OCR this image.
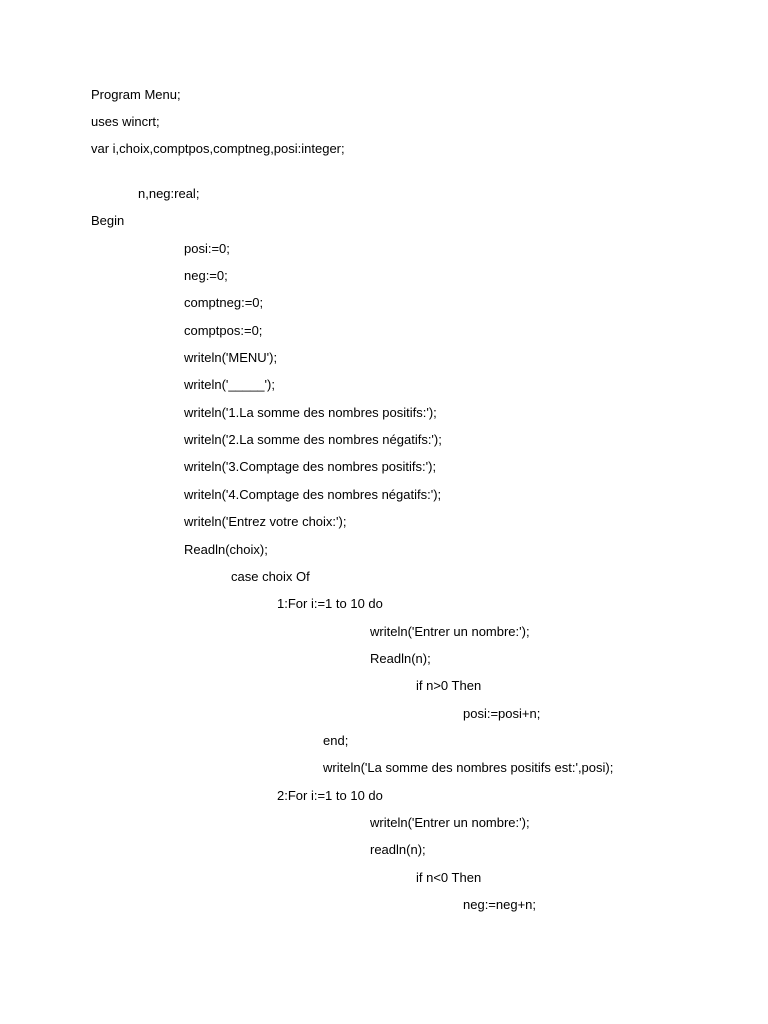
Program Menu;
uses wincrt;
var i,choix,comptpos,comptneg,posi:integer;
n,neg:real;
Begin
posi:=0;
neg:=0;
comptneg:=0;
comptpos:=0;
writeln('MENU');
writeln('_____');
writeln('1.La somme des nombres positifs:');
writeln('2.La somme des nombres négatifs:');
writeln('3.Comptage des nombres positifs:');
writeln('4.Comptage des nombres négatifs:');
writeln('Entrez votre choix:');
Readln(choix);
case choix Of
1:For i:=1 to 10 do
writeln('Entrer un nombre:');
Readln(n);
if n>0 Then
posi:=posi+n;
end;
writeln('La somme des nombres positifs est:',posi);
2:For i:=1 to 10 do
writeln('Entrer un nombre:');
readln(n);
if n<0 Then
neg:=neg+n;
